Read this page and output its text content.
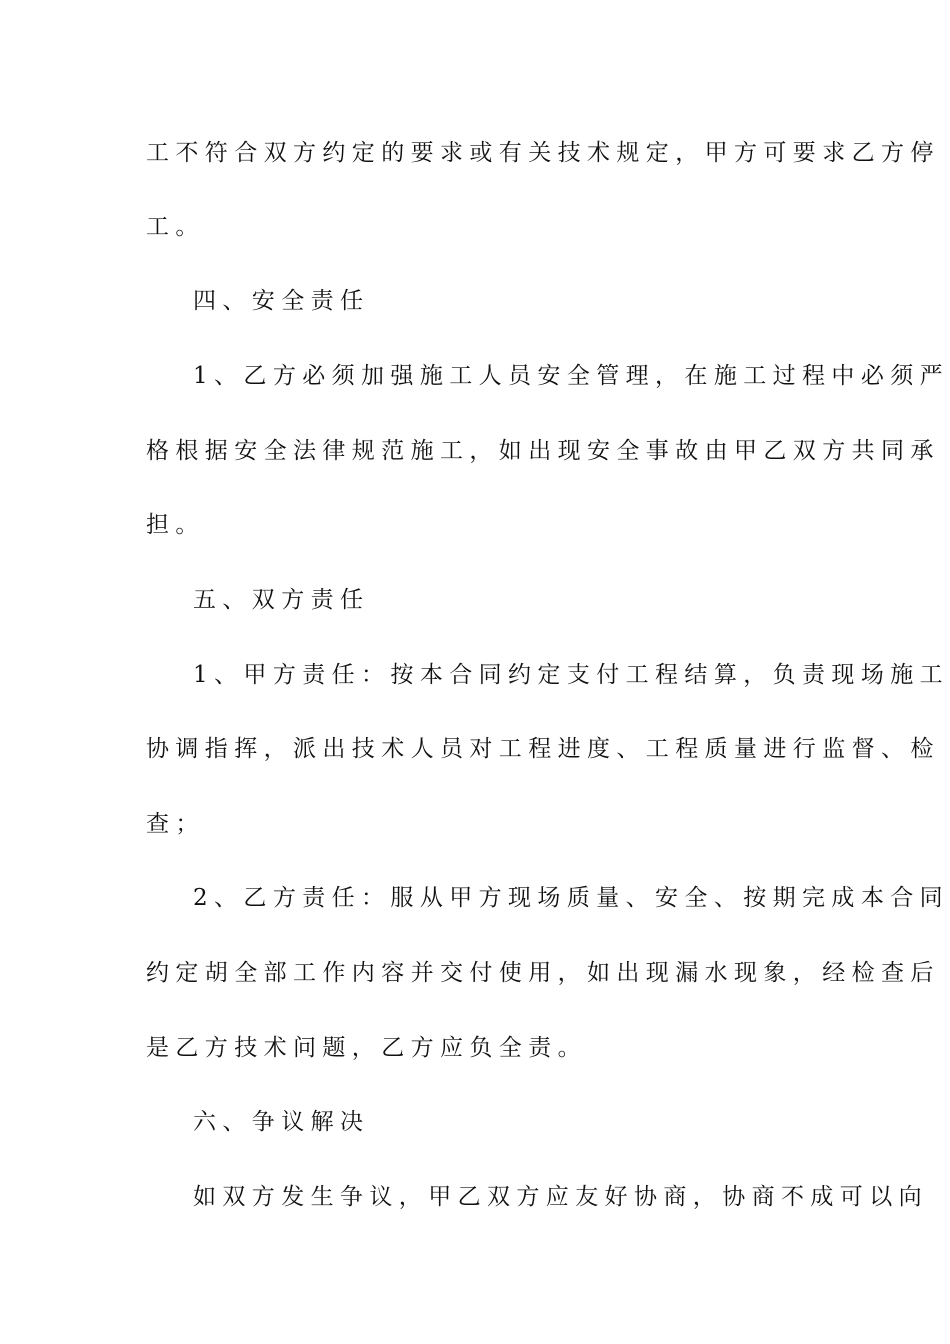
工不符合双方约定的要求或有关技术规定，甲方可要求乙方停
工。
四、安全责任
1、乙方必须加强施工人员安全管理，在施工过程中必须严
格根据安全法律规范施工，如出现安全事故由甲乙双方共同承
担。
五、双方责任
1、甲方责任：按本合同约定支付工程结算，负责现场施工
协调指挥，派出技术人员对工程进度、工程质量进行监督、检
查；
2、乙方责任：服从甲方现场质量、安全、按期完成本合同
约定胡全部工作内容并交付使用，如出现漏水现象，经检查后
是乙方技术问题，乙方应负全责。
六、争议解决
如双方发生争议，甲乙双方应友好协商，协商不成可以向
